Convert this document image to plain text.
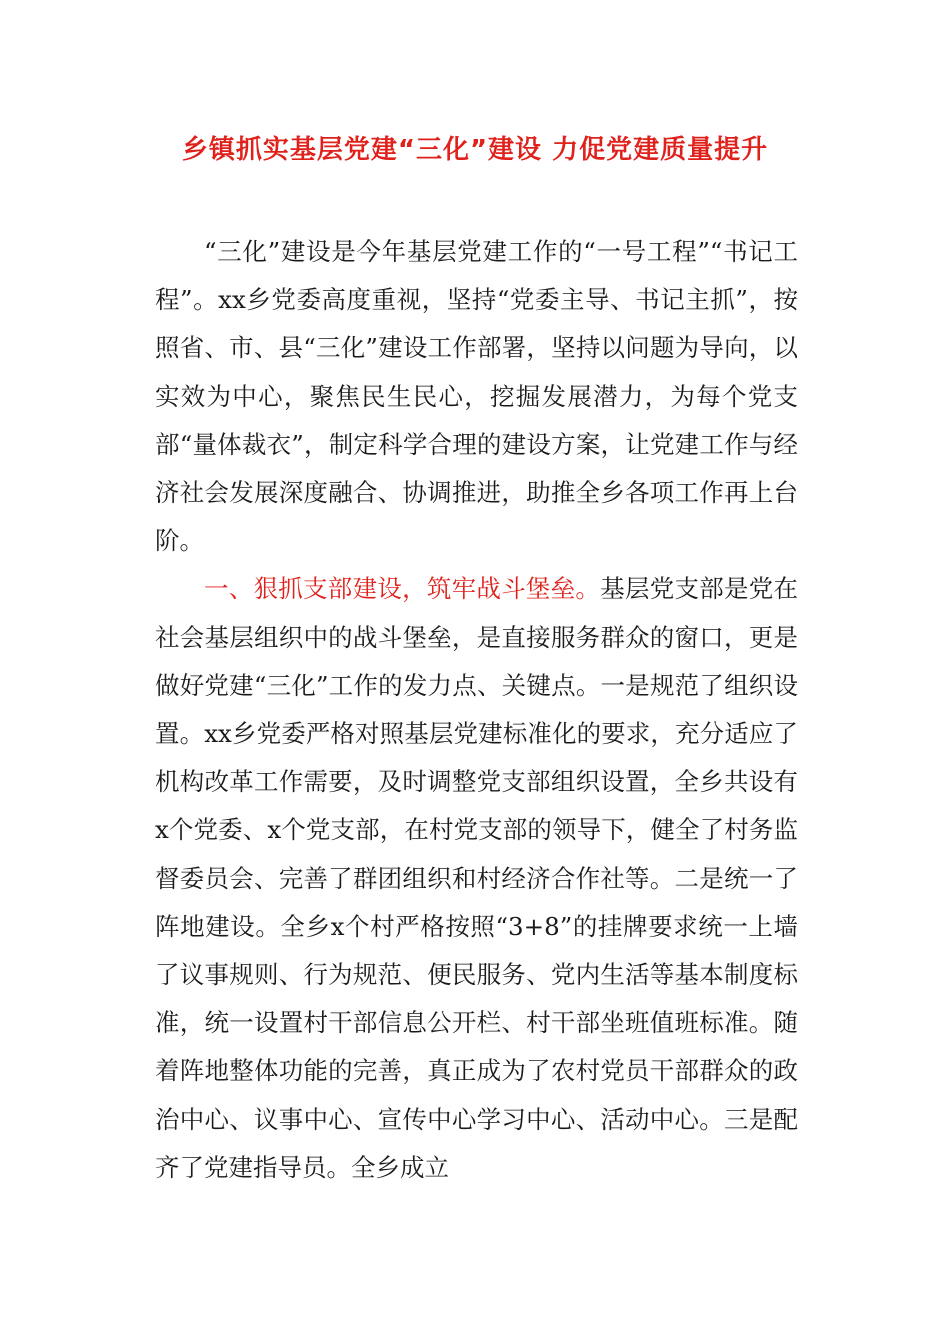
乡镇抓实基层党建“三化”建设 力促党建质量提升

“三化”建设是今年基层党建工作的“一号工程”“书记工程”。xx乡党委高度重视，坚持“党委主导、书记主抓”，按照省、市、县“三化”建设工作部署，坚持以问题为导向，以实效为中心，聚焦民生民心，挖掘发展潜力，为每个党支部“量体裁衣”，制定科学合理的建设方案，让党建工作与经济社会发展深度融合、协调推进，助推全乡各项工作再上台阶。

一、狠抓支部建设，筑牢战斗堡垒。基层党支部是党在社会基层组织中的战斗堡垒，是直接服务群众的窗口，更是做好党建“三化”工作的发力点、关键点。一是规范了组织设置。xx乡党委严格对照基层党建标准化的要求，充分适应了机构改革工作需要，及时调整党支部组织设置，全乡共设有x个党委、x个党支部，在村党支部的领导下，健全了村务监督委员会、完善了群团组织和村经济合作社等。二是统一了阵地建设。全乡x个村严格按照“3+8”的挂牌要求统一上墙了议事规则、行为规范、便民服务、党内生活等基本制度标准，统一设置村干部信息公开栏、村干部坐班值班标准。随着阵地整体功能的完善，真正成为了农村党员干部群众的政治中心、议事中心、宣传中心学习中心、活动中心。三是配齐了党建指导员。全乡成立
